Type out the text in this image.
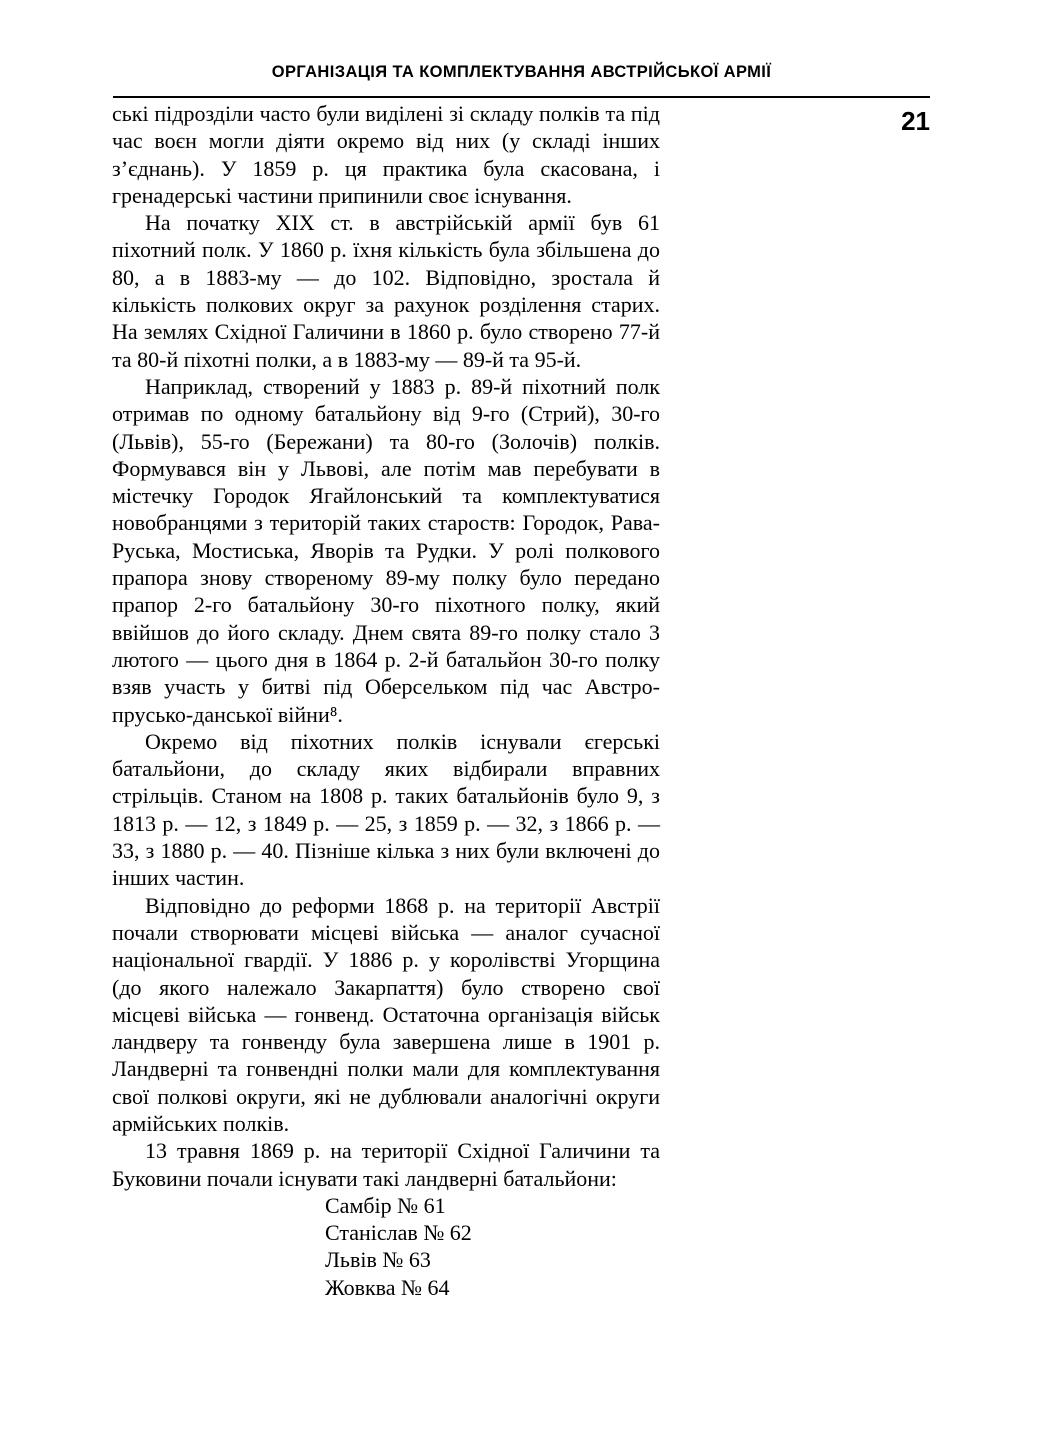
ОРГАНІЗАЦІЯ ТА КОМПЛЕКТУВАННЯ АВСТРІЙСЬКОЇ АРМІЇ
21

ські підрозділи часто були виділені зі складу полків та під час воєн могли діяти окремо від них (у складі інших з’єднань). У 1859 р. ця практика була скасована, і гренадерські частини припинили своє існування.

На початку XIX ст. в австрійській армії був 61 піхотний полк. У 1860 р. їхня кількість була збільшена до 80, а в 1883-му — до 102. Відповідно, зростала й кількість полкових округ за рахунок розділення старих. На землях Східної Галичини в 1860 р. було створено 77-й та 80-й піхотні полки, а в 1883-му — 89-й та 95-й.

Наприклад, створений у 1883 р. 89-й піхотний полк отримав по одному батальйону від 9-го (Стрий), 30-го (Львів), 55-го (Бережани) та 80-го (Золочів) полків. Формувався він у Львові, але потім мав перебувати в містечку Городок Ягайлонський та комплектуватися новобранцями з територій таких староств: Городок, Рава-Руська, Мостиська, Яворів та Рудки. У ролі полкового прапора знову створеному 89-му полку було передано прапор 2-го батальйону 30-го піхотного полку, який ввійшов до його складу. Днем свята 89-го полку стало 3 лютого — цього дня в 1864 р. 2-й батальйон 30-го полку взяв участь у битві під Оберсельком під час Австро-прусько-данської війни⁸.

Окремо від піхотних полків існували єгерські батальйони, до складу яких відбирали вправних стрільців. Станом на 1808 р. таких батальйонів було 9, з 1813 р. — 12, з 1849 р. — 25, з 1859 р. — 32, з 1866 р. — 33, з 1880 р. — 40. Пізніше кілька з них були включені до інших частин.

Відповідно до реформи 1868 р. на території Австрії почали створювати місцеві війська — аналог сучасної національної гвардії. У 1886 р. у королівстві Угорщина (до якого належало Закарпаття) було створено свої місцеві війська — гонвенд. Остаточна організація військ ландверу та гонвенду була завершена лише в 1901 р. Ландверні та гонвендні полки мали для комплектування свої полкові округи, які не дублювали аналогічні округи армійських полків.

13 травня 1869 р. на території Східної Галичини та Буковини почали існувати такі ландверні батальйони:

Самбір № 61
Станіслав № 62
Львів № 63
Жовква № 64
